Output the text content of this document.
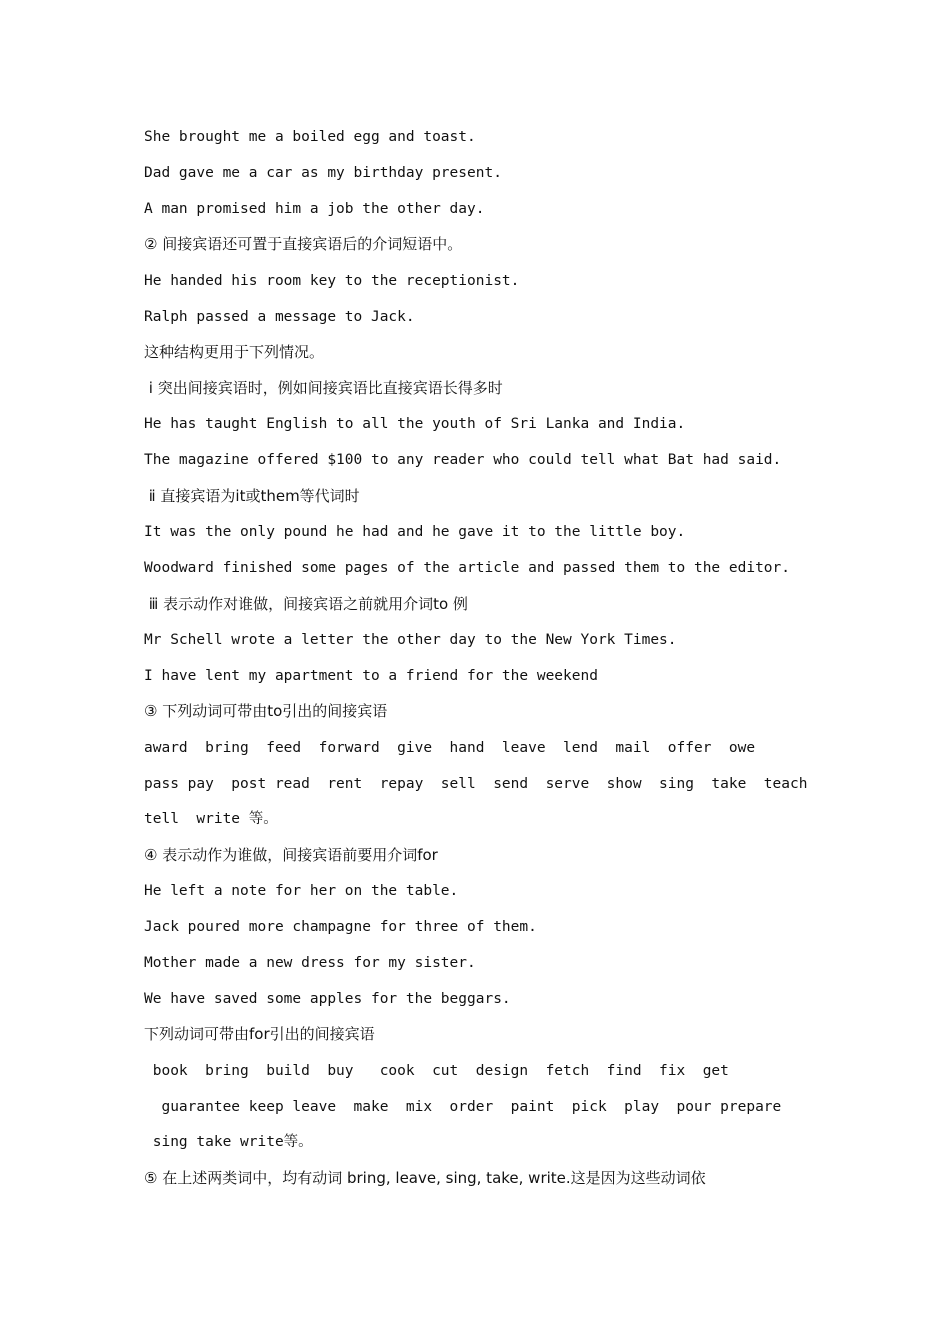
She brought me a boiled egg and toast.
Dad gave me a car as my birthday present.
A man promised him a job the other day.
② 间接宾语还可置于直接宾语后的介词短语中。
He handed his room key to the receptionist.
Ralph passed a message to Jack.
这种结构更用于下列情况。
ⅰ 突出间接宾语时，例如间接宾语比直接宾语长得多时
He has taught English to all the youth of Sri Lanka and India.
The magazine offered $100 to any reader who could tell what Bat had said.
ⅱ 直接宾语为it或them等代词时
It was the only pound he had and he gave it to the little boy.
Woodward finished some pages of the article and passed them to the editor.
ⅲ 表示动作对谁做，间接宾语之前就用介词to 例
Mr Schell wrote a letter the other day to the New York Times.
I have lent my apartment to a friend for the weekend
③ 下列动词可带由to引出的间接宾语
award  bring  feed  forward  give  hand  leave  lend  mail  offer  owe
pass pay  post read  rent  repay  sell  send  serve  show  sing  take  teach
tell  write 等。
④ 表示动作为谁做，间接宾语前要用介词for
He left a note for her on the table.
Jack poured more champagne for three of them.
Mother made a new dress for my sister.
We have saved some apples for the beggars.
下列动词可带由for引出的间接宾语
book  bring  build  buy   cook  cut  design  fetch  find  fix  get
guarantee keep leave  make  mix  order  paint  pick  play  pour prepare
sing take write等。
⑤ 在上述两类词中，均有动词 bring, leave, sing, take, write.这是因为这些动词依
